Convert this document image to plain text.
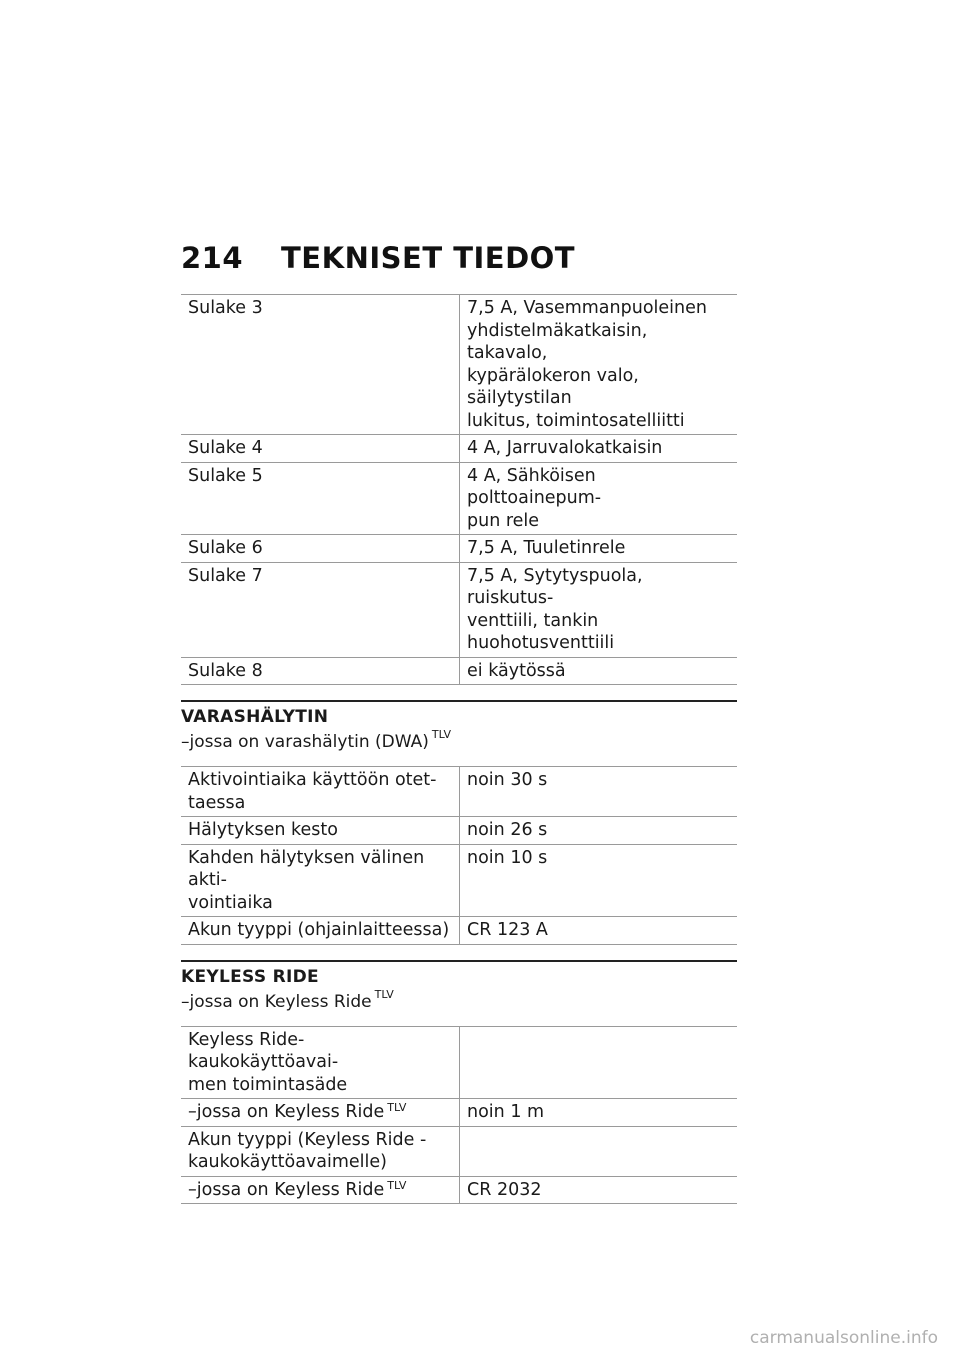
214 TEKNISET TIEDOT
Sulake 3	7,5 A, Vasemmanpuoleinen
yhdistelmäkatkaisin, takavalo,
kypärälokeron valo, säilytystilan
lukitus, toimintosatelliitti
Sulake 4	4 A, Jarruvalokatkaisin
Sulake 5	4 A, Sähköisen polttoainepum-
pun rele
Sulake 6	7,5 A, Tuuletinrele
Sulake 7	7,5 A, Sytytyspuola, ruiskutus-
venttiili, tankin huohotusventtiili
Sulake 8	ei käytössä
VARASHÄLYTIN
–jossa on varashälytin (DWA) $^{TLV}$
Aktivointiaika käyttöön otet-
taessa	noin 30 s
Hälytyksen kesto	noin 26 s
Kahden hälytyksen välinen akti-
vointiaika	noin 10 s
Akun tyyppi (ohjainlaitteessa)	CR 123 A
KEYLESS RIDE
–jossa on Keyless Ride $^{TLV}$
Keyless Ride-kaukokäyttöavai-
men toimintasäde	
–jossa on Keyless Ride $^{TLV}$	noin 1 m
Akun tyyppi (Keyless Ride -
kaukokäyttöavaimelle)	
–jossa on Keyless Ride $^{TLV}$	CR 2032
carmanualsonline.info
